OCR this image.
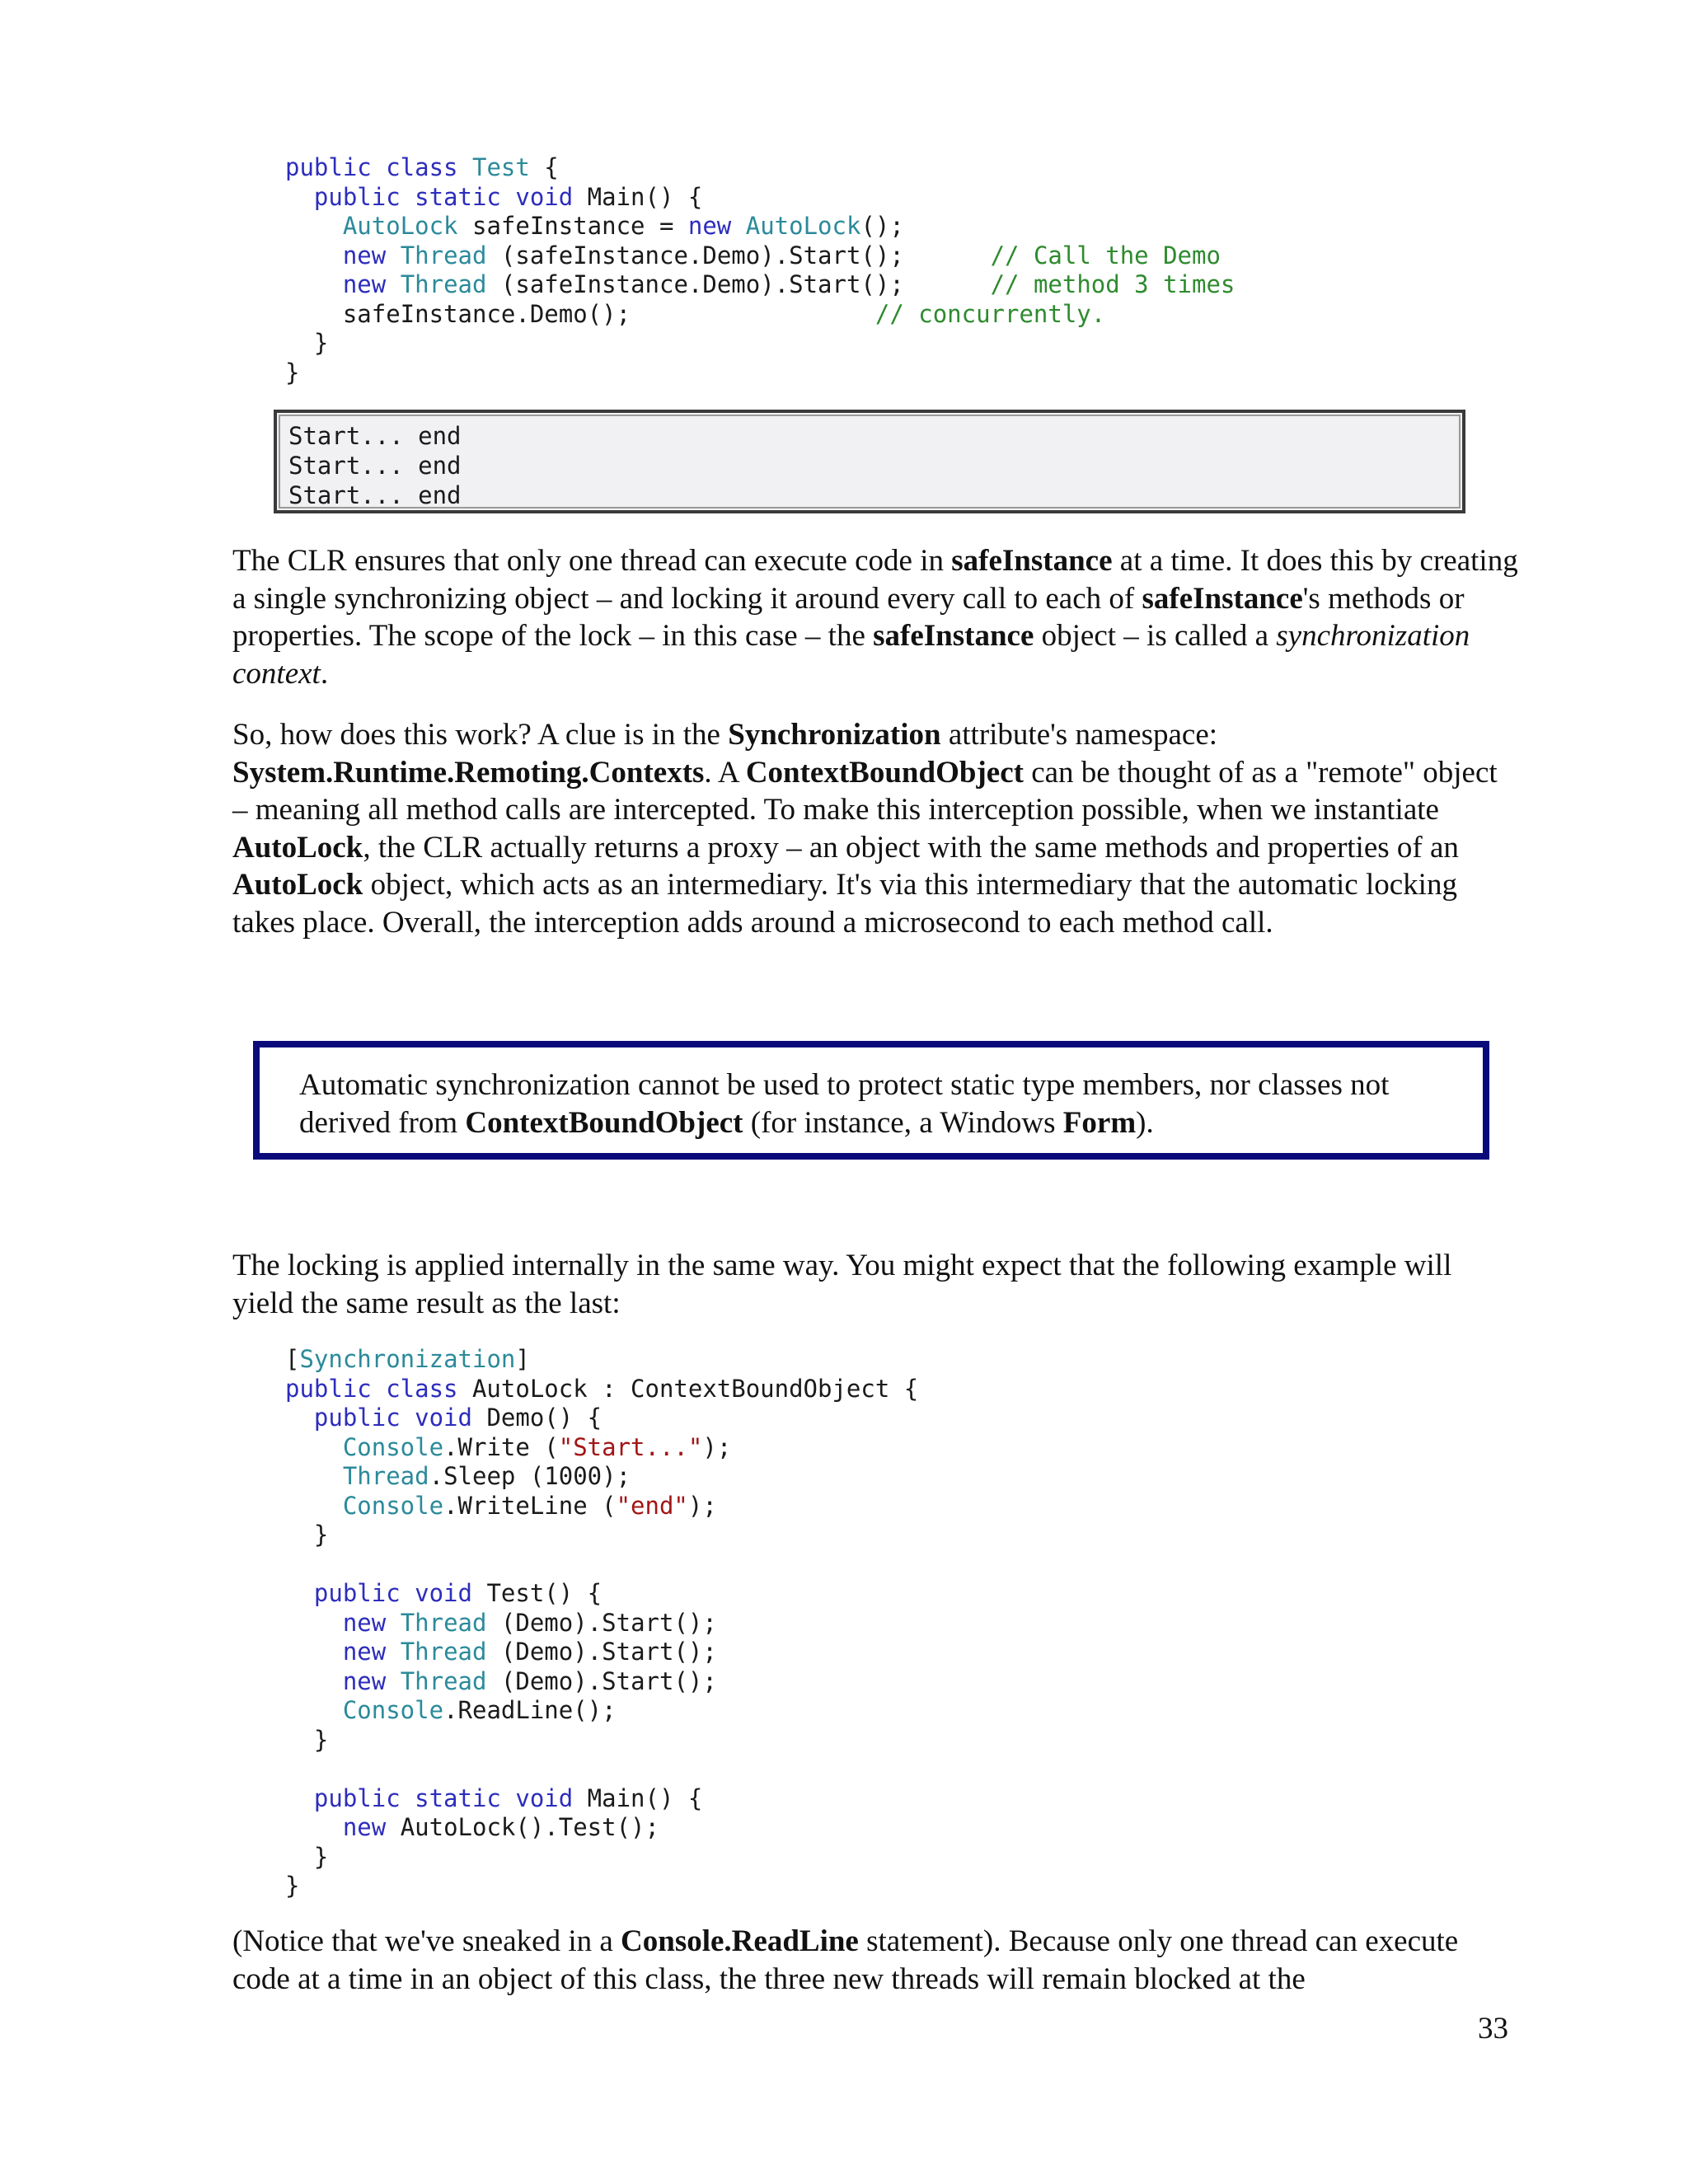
public class Test {
public static void Main() {
AutoLock safeInstance = new AutoLock();
new Thread (safeInstance.Demo).Start();	// Call the Demo
new Thread (safeInstance.Demo).Start();	// method 3 times
safeInstance.Demo();	// concurrently.
}
}
Start... end
Start... end
Start... end

The CLR ensures that only one thread can execute code in safeInstance at a time. It does this by creating a single synchronizing object – and locking it around every call to each of safeInstance's methods or properties. The scope of the lock – in this case – the safeInstance object – is called a synchronization context.

So, how does this work? A clue is in the Synchronization attribute's namespace: System.Runtime.Remoting.Contexts. A ContextBoundObject can be thought of as a "remote" object – meaning all method calls are intercepted. To make this interception possible, when we instantiate AutoLock, the CLR actually returns a proxy – an object with the same methods and properties of an AutoLock object, which acts as an intermediary. It's via this intermediary that the automatic locking takes place. Overall, the interception adds around a microsecond to each method call.

Automatic synchronization cannot be used to protect static type members, nor classes not derived from ContextBoundObject (for instance, a Windows Form).

The locking is applied internally in the same way. You might expect that the following example will yield the same result as the last:

[Synchronization]
public class AutoLock : ContextBoundObject {
public void Demo() {
Console.Write ("Start...");
Thread.Sleep (1000);
Console.WriteLine ("end");
}

public void Test() {
new Thread (Demo).Start();
new Thread (Demo).Start();
new Thread (Demo).Start();
Console.ReadLine();
}

public static void Main() {
new AutoLock().Test();
}
}

(Notice that we've sneaked in a Console.ReadLine statement). Because only one thread can execute code at a time in an object of this class, the three new threads will remain blocked at the

33
